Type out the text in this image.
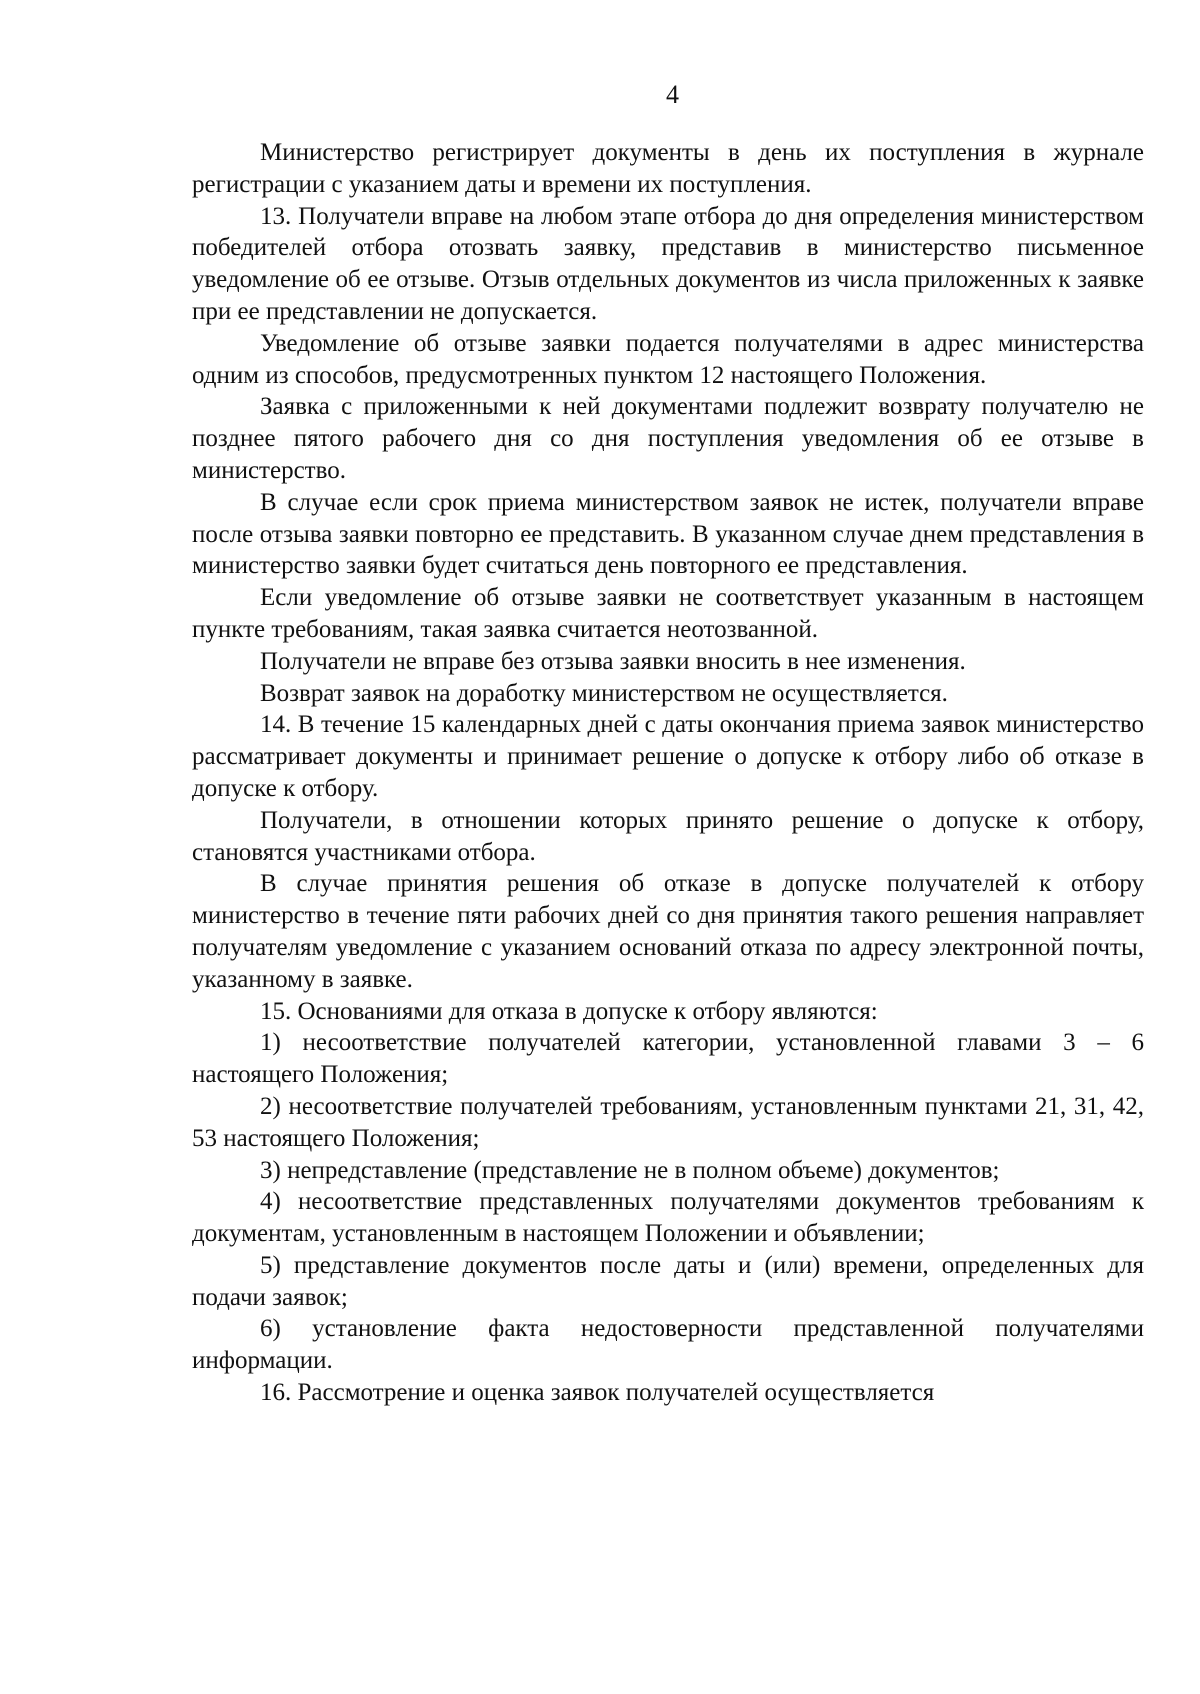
4

Министерство регистрирует документы в день их поступления в журнале регистрации с указанием даты и времени их поступления.

13. Получатели вправе на любом этапе отбора до дня определения министерством победителей отбора отозвать заявку, представив в министерство письменное уведомление об ее отзыве. Отзыв отдельных документов из числа приложенных к заявке при ее представлении не допускается.

Уведомление об отзыве заявки подается получателями в адрес министерства одним из способов, предусмотренных пунктом 12 настоящего Положения.

Заявка с приложенными к ней документами подлежит возврату получателю не позднее пятого рабочего дня со дня поступления уведомления об ее отзыве в министерство.

В случае если срок приема министерством заявок не истек, получатели вправе после отзыва заявки повторно ее представить. В указанном случае днем представления в министерство заявки будет считаться день повторного ее представления.

Если уведомление об отзыве заявки не соответствует указанным в настоящем пункте требованиям, такая заявка считается неотозванной.

Получатели не вправе без отзыва заявки вносить в нее изменения.

Возврат заявок на доработку министерством не осуществляется.

14. В течение 15 календарных дней с даты окончания приема заявок министерство рассматривает документы и принимает решение о допуске к отбору либо об отказе в допуске к отбору.

Получатели, в отношении которых принято решение о допуске к отбору, становятся участниками отбора.

В случае принятия решения об отказе в допуске получателей к отбору министерство в течение пяти рабочих дней со дня принятия такого решения направляет получателям уведомление с указанием оснований отказа по адресу электронной почты, указанному в заявке.

15. Основаниями для отказа в допуске к отбору являются:

1) несоответствие получателей категории, установленной главами 3 – 6 настоящего Положения;

2) несоответствие получателей требованиям, установленным пунктами 21, 31, 42, 53 настоящего Положения;

3) непредставление (представление не в полном объеме) документов;

4) несоответствие представленных получателями документов требованиям к документам, установленным в настоящем Положении и объявлении;

5) представление документов после даты и (или) времени, определенных для подачи заявок;

6) установление факта недостоверности представленной получателями информации.

16. Рассмотрение и оценка заявок получателей осуществляется
